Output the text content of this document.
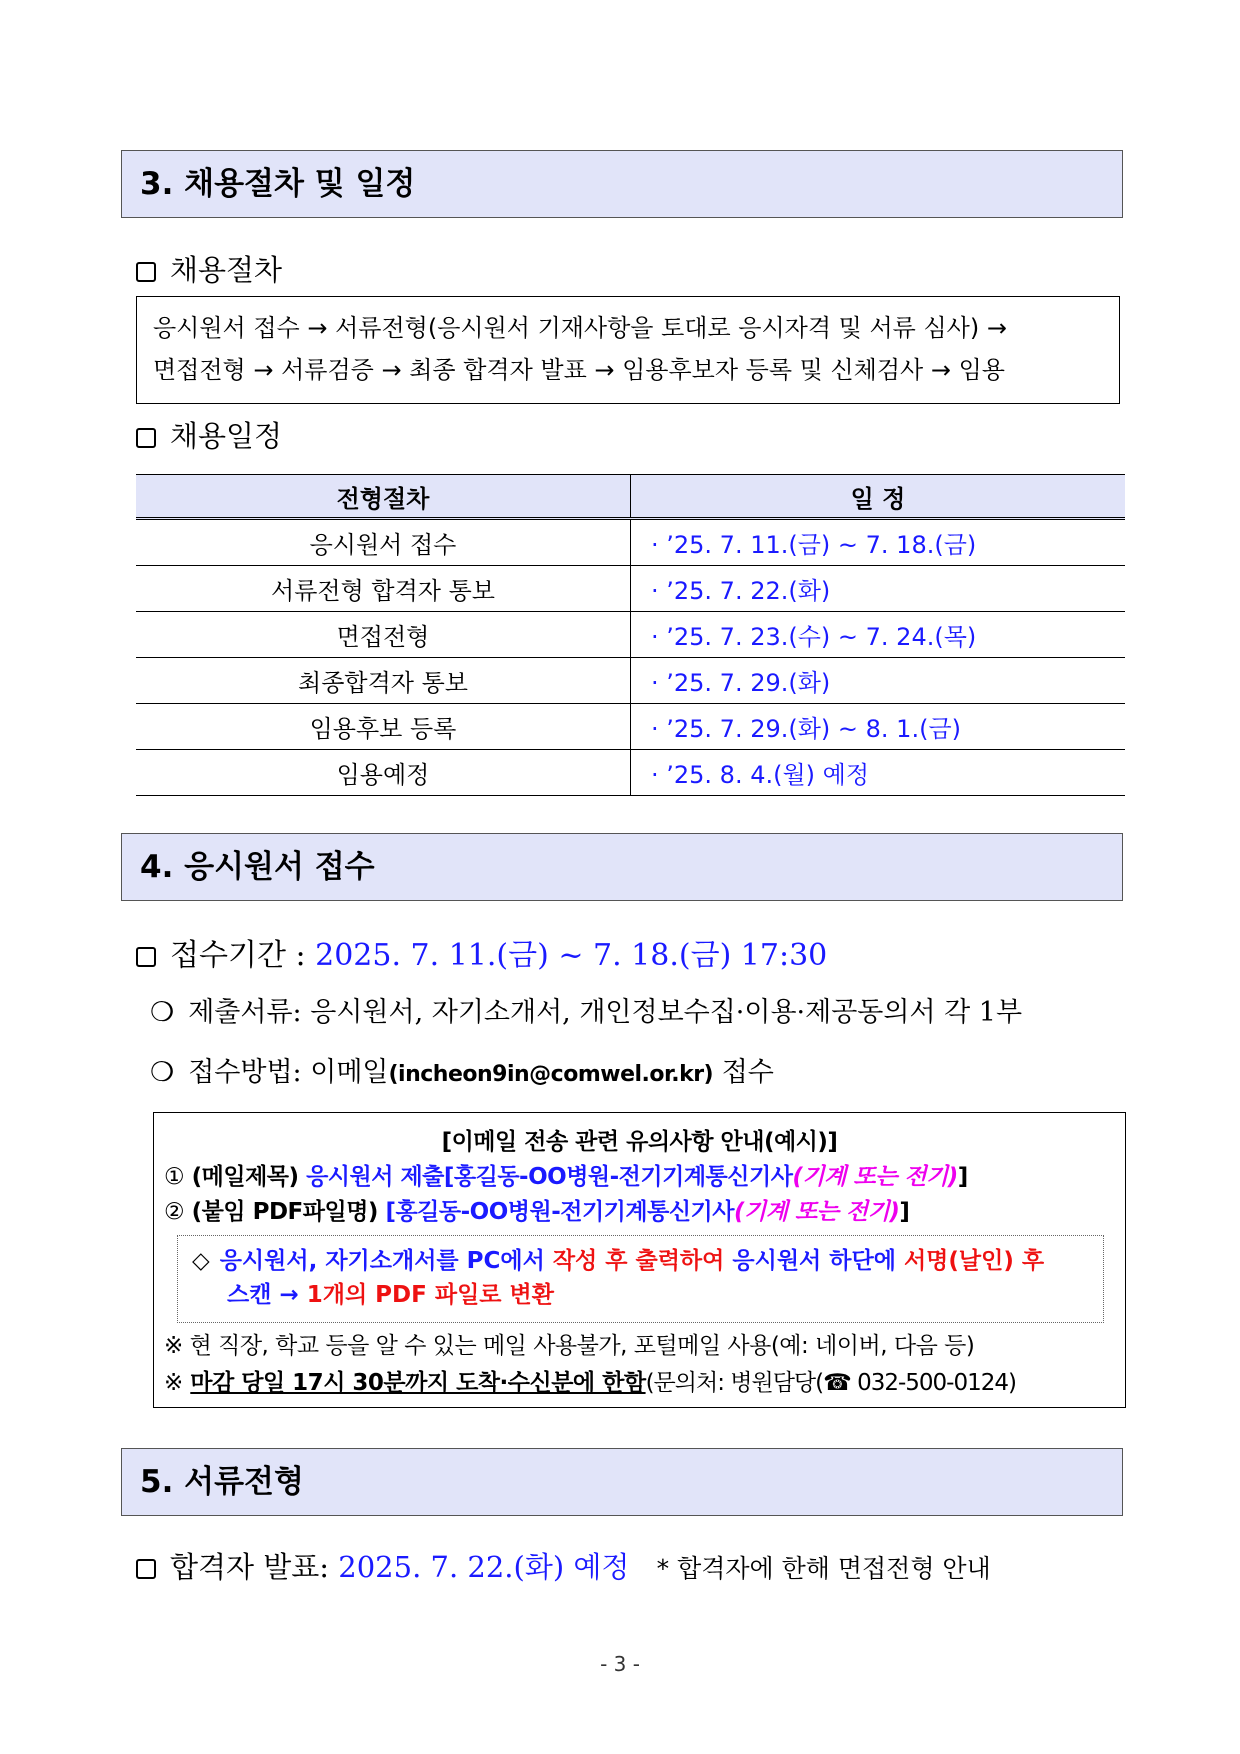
3. 채용절차 및 일정
채용절차
응시원서 접수 → 서류전형(응시원서 기재사항을 토대로 응시자격 및 서류 심사) →
면접전형 → 서류검증 → 최종 합격자 발표 → 임용후보자 등록 및 신체검사 → 임용
채용일정
전형절차	일 정
응시원서 접수	· ’25. 7. 11.(금) ~ 7. 18.(금)
서류전형 합격자 통보	· ’25. 7. 22.(화)
면접전형	· ’25. 7. 23.(수) ~ 7. 24.(목)
최종합격자 통보	· ’25. 7. 29.(화)
임용후보 등록	· ’25. 7. 29.(화) ~ 8. 1.(금)
임용예정	· ’25. 8. 4.(월) 예정
4. 응시원서 접수
접수기간 : 2025. 7. 11.(금) ~ 7. 18.(금) 17:30
❍ 제출서류: 응시원서, 자기소개서, 개인정보수집·이용·제공동의서 각 1부
❍ 접수방법: 이메일(incheon9in@comwel.or.kr) 접수
[이메일 전송 관련 유의사항 안내(예시)]
① (메일제목) 응시원서 제출[홍길동-OO병원-전기기계통신기사(기계 또는 전기)]
② (붙임 PDF파일명) [홍길동-OO병원-전기기계통신기사(기계 또는 전기)]
◇ 응시원서, 자기소개서를 PC에서 작성 후 출력하여 응시원서 하단에 서명(날인) 후
스캔 → 1개의 PDF 파일로 변환
※ 현 직장, 학교 등을 알 수 있는 메일 사용불가, 포털메일 사용(예: 네이버, 다음 등)
※ 마감 당일 17시 30분까지 도착·수신분에 한함(문의처: 병원담당(☎ 032-500-0124)
5. 서류전형
합격자 발표: 2025. 7. 22.(화) 예정 * 합격자에 한해 면접전형 안내
- 3 -
